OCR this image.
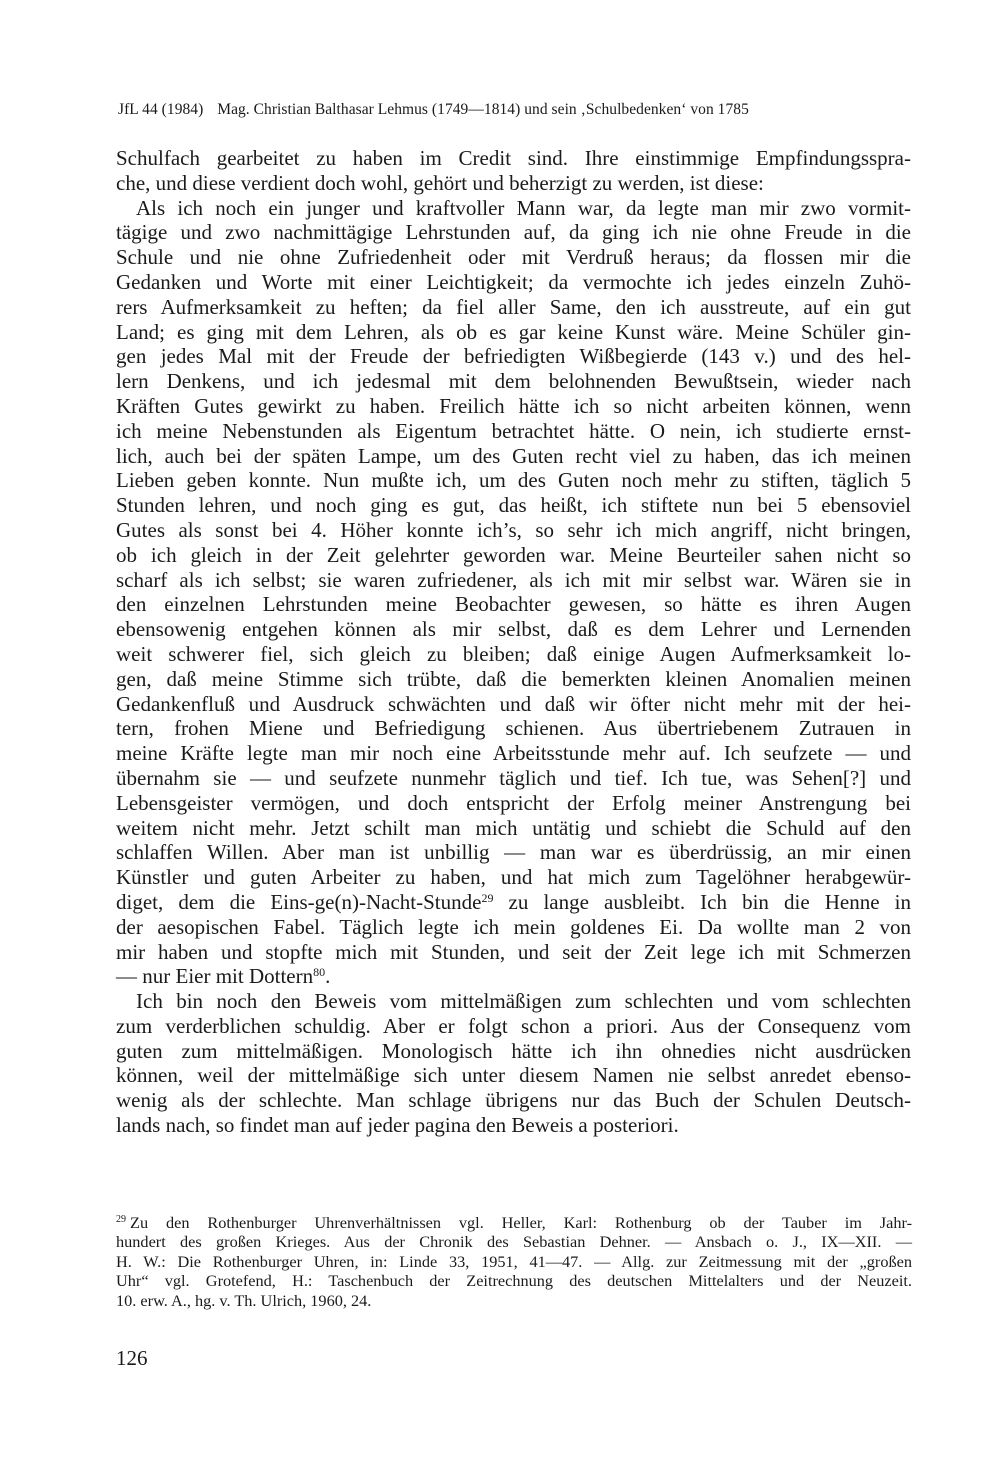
JfL 44 (1984) Mag. Christian Balthasar Lehmus (1749—1814) und sein ‚Schulbedenken‘ von 1785
Schulfach gearbeitet zu haben im Credit sind. Ihre einstimmige Empfindungsspra-
che, und diese verdient doch wohl, gehört und beherzigt zu werden, ist diese:
Als ich noch ein junger und kraftvoller Mann war, da legte man mir zwo vormit-
tägige und zwo nachmittägige Lehrstunden auf, da ging ich nie ohne Freude in die
Schule und nie ohne Zufriedenheit oder mit Verdruß heraus; da flossen mir die
Gedanken und Worte mit einer Leichtigkeit; da vermochte ich jedes einzeln Zuhö-
rers Aufmerksamkeit zu heften; da fiel aller Same, den ich ausstreute, auf ein gut
Land; es ging mit dem Lehren, als ob es gar keine Kunst wäre. Meine Schüler gin-
gen jedes Mal mit der Freude der befriedigten Wißbegierde (143 v.) und des hel-
lern Denkens, und ich jedesmal mit dem belohnenden Bewußtsein, wieder nach
Kräften Gutes gewirkt zu haben. Freilich hätte ich so nicht arbeiten können, wenn
ich meine Nebenstunden als Eigentum betrachtet hätte. O nein, ich studierte ernst-
lich, auch bei der späten Lampe, um des Guten recht viel zu haben, das ich meinen
Lieben geben konnte. Nun mußte ich, um des Guten noch mehr zu stiften, täglich 5
Stunden lehren, und noch ging es gut, das heißt, ich stiftete nun bei 5 ebensoviel
Gutes als sonst bei 4. Höher konnte ich’s, so sehr ich mich angriff, nicht bringen,
ob ich gleich in der Zeit gelehrter geworden war. Meine Beurteiler sahen nicht so
scharf als ich selbst; sie waren zufriedener, als ich mit mir selbst war. Wären sie in
den einzelnen Lehrstunden meine Beobachter gewesen, so hätte es ihren Augen
ebensowenig entgehen können als mir selbst, daß es dem Lehrer und Lernenden
weit schwerer fiel, sich gleich zu bleiben; daß einige Augen Aufmerksamkeit lo-
gen, daß meine Stimme sich trübte, daß die bemerkten kleinen Anomalien meinen
Gedankenfluß und Ausdruck schwächten und daß wir öfter nicht mehr mit der hei-
tern, frohen Miene und Befriedigung schienen. Aus übertriebenem Zutrauen in
meine Kräfte legte man mir noch eine Arbeitsstunde mehr auf. Ich seufzete — und
übernahm sie — und seufzete nunmehr täglich und tief. Ich tue, was Sehen[?] und
Lebensgeister vermögen, und doch entspricht der Erfolg meiner Anstrengung bei
weitem nicht mehr. Jetzt schilt man mich untätig und schiebt die Schuld auf den
schlaffen Willen. Aber man ist unbillig — man war es überdrüssig, an mir einen
Künstler und guten Arbeiter zu haben, und hat mich zum Tagelöhner herabgewür-
diget, dem die Eins-ge(n)-Nacht-Stunde$^{29}$ zu lange ausbleibt. Ich bin die Henne in
der aesopischen Fabel. Täglich legte ich mein goldenes Ei. Da wollte man 2 von
mir haben und stopfte mich mit Stunden, und seit der Zeit lege ich mit Schmerzen
— nur Eier mit Dottern$^{80}$.
Ich bin noch den Beweis vom mittelmäßigen zum schlechten und vom schlechten
zum verderblichen schuldig. Aber er folgt schon a priori. Aus der Consequenz vom
guten zum mittelmäßigen. Monologisch hätte ich ihn ohnedies nicht ausdrücken
können, weil der mittelmäßige sich unter diesem Namen nie selbst anredet ebenso-
wenig als der schlechte. Man schlage übrigens nur das Buch der Schulen Deutsch-
lands nach, so findet man auf jeder pagina den Beweis a posteriori.
$^{29}$ Zu den Rothenburger Uhrenverhältnissen vgl. Heller, Karl: Rothenburg ob der Tauber im Jahr-
hundert des großen Krieges. Aus der Chronik des Sebastian Dehner. — Ansbach o. J., IX—XII. —
H. W.: Die Rothenburger Uhren, in: Linde 33, 1951, 41—47. — Allg. zur Zeitmessung mit der „großen
Uhr“ vgl. Grotefend, H.: Taschenbuch der Zeitrechnung des deutschen Mittelalters und der Neuzeit.
10. erw. A., hg. v. Th. Ulrich, 1960, 24.
126
